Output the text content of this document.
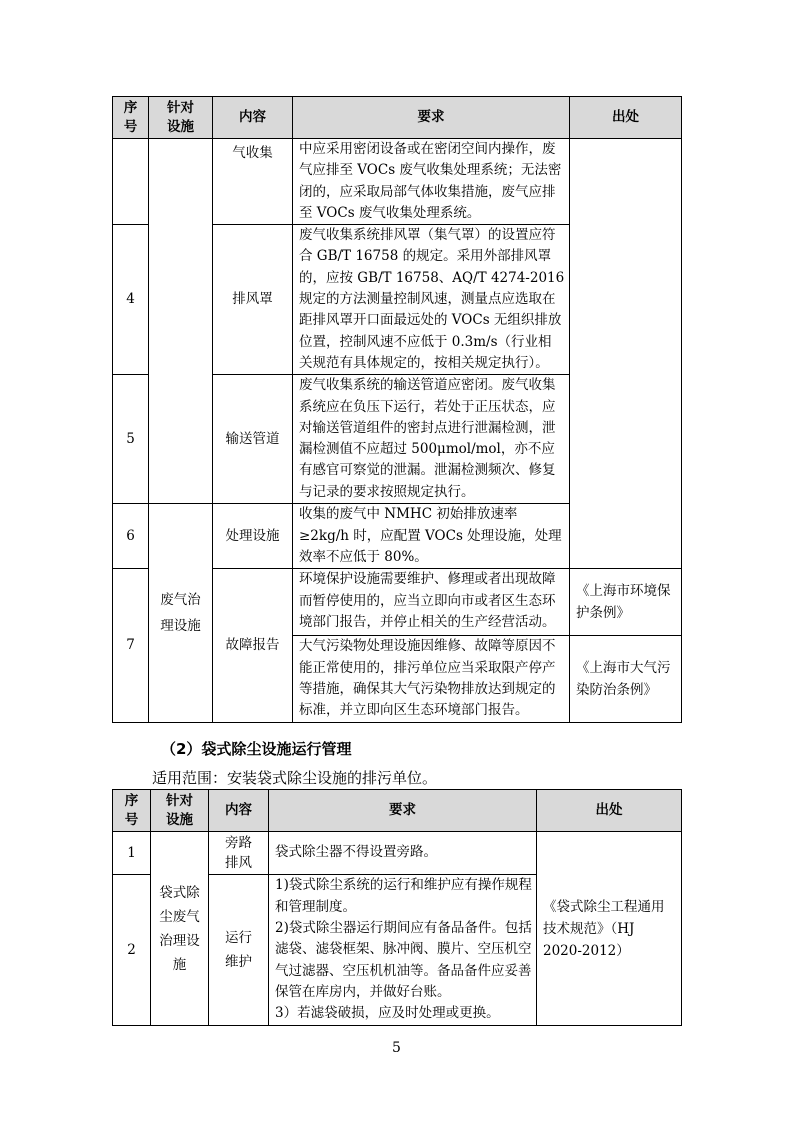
序号	针对设施	内容	要求	出处
		气收集	中应采用密闭设备或在密闭空间内操作，废气应排至 VOCs 废气收集处理系统；无法密闭的，应采取局部气体收集措施，废气应排至 VOCs 废气收集处理系统。	
4		排风罩	废气收集系统排风罩（集气罩）的设置应符合 GB/T 16758 的规定。采用外部排风罩的，应按 GB/T 16758、AQ/T 4274-2016 规定的方法测量控制风速，测量点应选取在距排风罩开口面最远处的 VOCs 无组织排放位置，控制风速不应低于 0.3m/s（行业相关规范有具体规定的，按相关规定执行）。	
5		输送管道	废气收集系统的输送管道应密闭。废气收集系统应在负压下运行，若处于正压状态，应对输送管道组件的密封点进行泄漏检测，泄漏检测值不应超过 500μmol/mol，亦不应有感官可察觉的泄漏。泄漏检测频次、修复与记录的要求按照规定执行。	
6	废气治理设施	处理设施	收集的废气中 NMHC 初始排放速率≥2kg/h 时，应配置 VOCs 处理设施，处理效率不应低于 80%。	
7		故障报告	环境保护设施需要维护、修理或者出现故障而暂停使用的，应当立即向市或者区生态环境部门报告，并停止相关的生产经营活动。	《上海市环境保护条例》
			大气污染物处理设施因维修、故障等原因不能正常使用的，排污单位应当采取限产停产等措施，确保其大气污染物排放达到规定的标准，并立即向区生态环境部门报告。	《上海市大气污染防治条例》
（2）袋式除尘设施运行管理
适用范围：安装袋式除尘设施的排污单位。
序号	针对设施	内容	要求	出处
1	袋式除尘废气治理设施	旁路排风	袋式除尘器不得设置旁路。	《袋式除尘工程通用技术规范》（HJ 2020-2012）
2		运行维护	1)袋式除尘系统的运行和维护应有操作规程和管理制度。
2)袋式除尘器运行期间应有备品备件。包括滤袋、滤袋框架、脉冲阀、膜片、空压机空气过滤器、空压机机油等。备品备件应妥善保管在库房内，并做好台账。
3）若滤袋破损，应及时处理或更换。	
5
